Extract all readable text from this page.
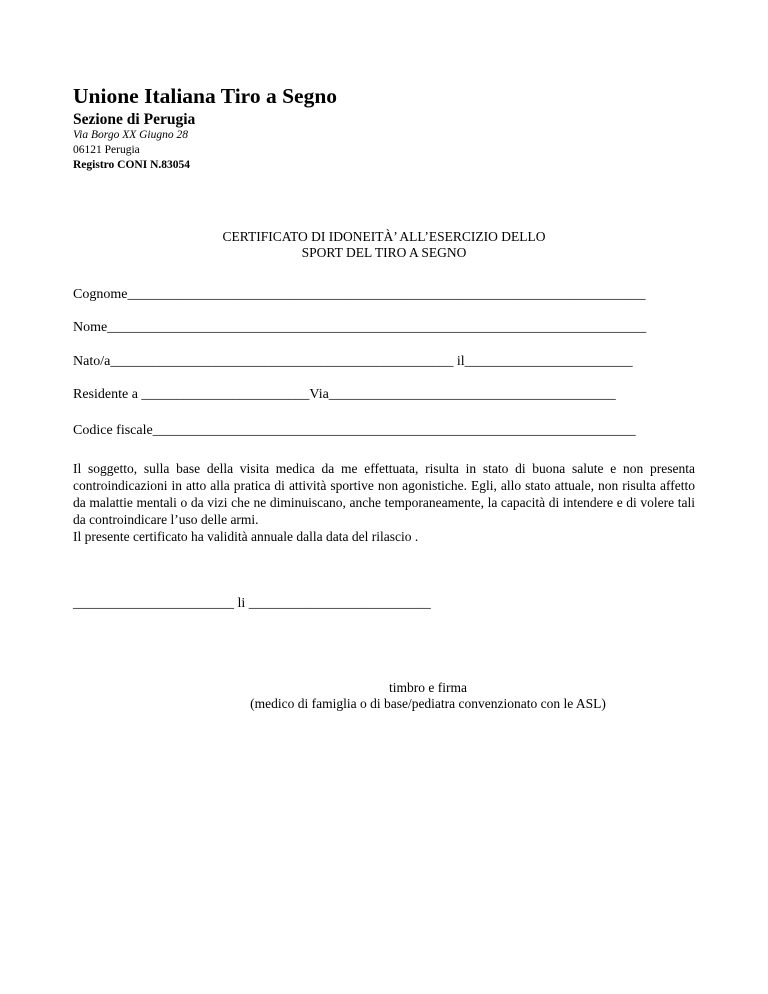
Unione Italiana Tiro a Segno
Sezione di Perugia
Via Borgo XX Giugno 28
06121 Perugia
Registro CONI N.83054
CERTIFICATO DI IDONEITÀ’ ALL’ESERCIZIO DELLO
SPORT DEL TIRO A SEGNO
Cognome__________________________________________________________________________
Nome_____________________________________________________________________________
Nato/a_________________________________________________ il________________________
Residente a ________________________Via_________________________________________
Codice fiscale_____________________________________________________________________

Il soggetto, sulla base della visita medica da me effettuata, risulta in stato di buona salute e non presenta controindicazioni in atto alla pratica di attività sportive non agonistiche. Egli, allo stato attuale, non risulta affetto da malattie mentali o da vizi che ne diminuiscano, anche temporaneamente, la capacità di intendere e di volere tali da controindicare l’uso delle armi.

Il presente certificato ha validità annuale dalla data del rilascio .

_______________________ li __________________________
timbro e firma
(medico di famiglia o di base/pediatra convenzionato con le ASL)
